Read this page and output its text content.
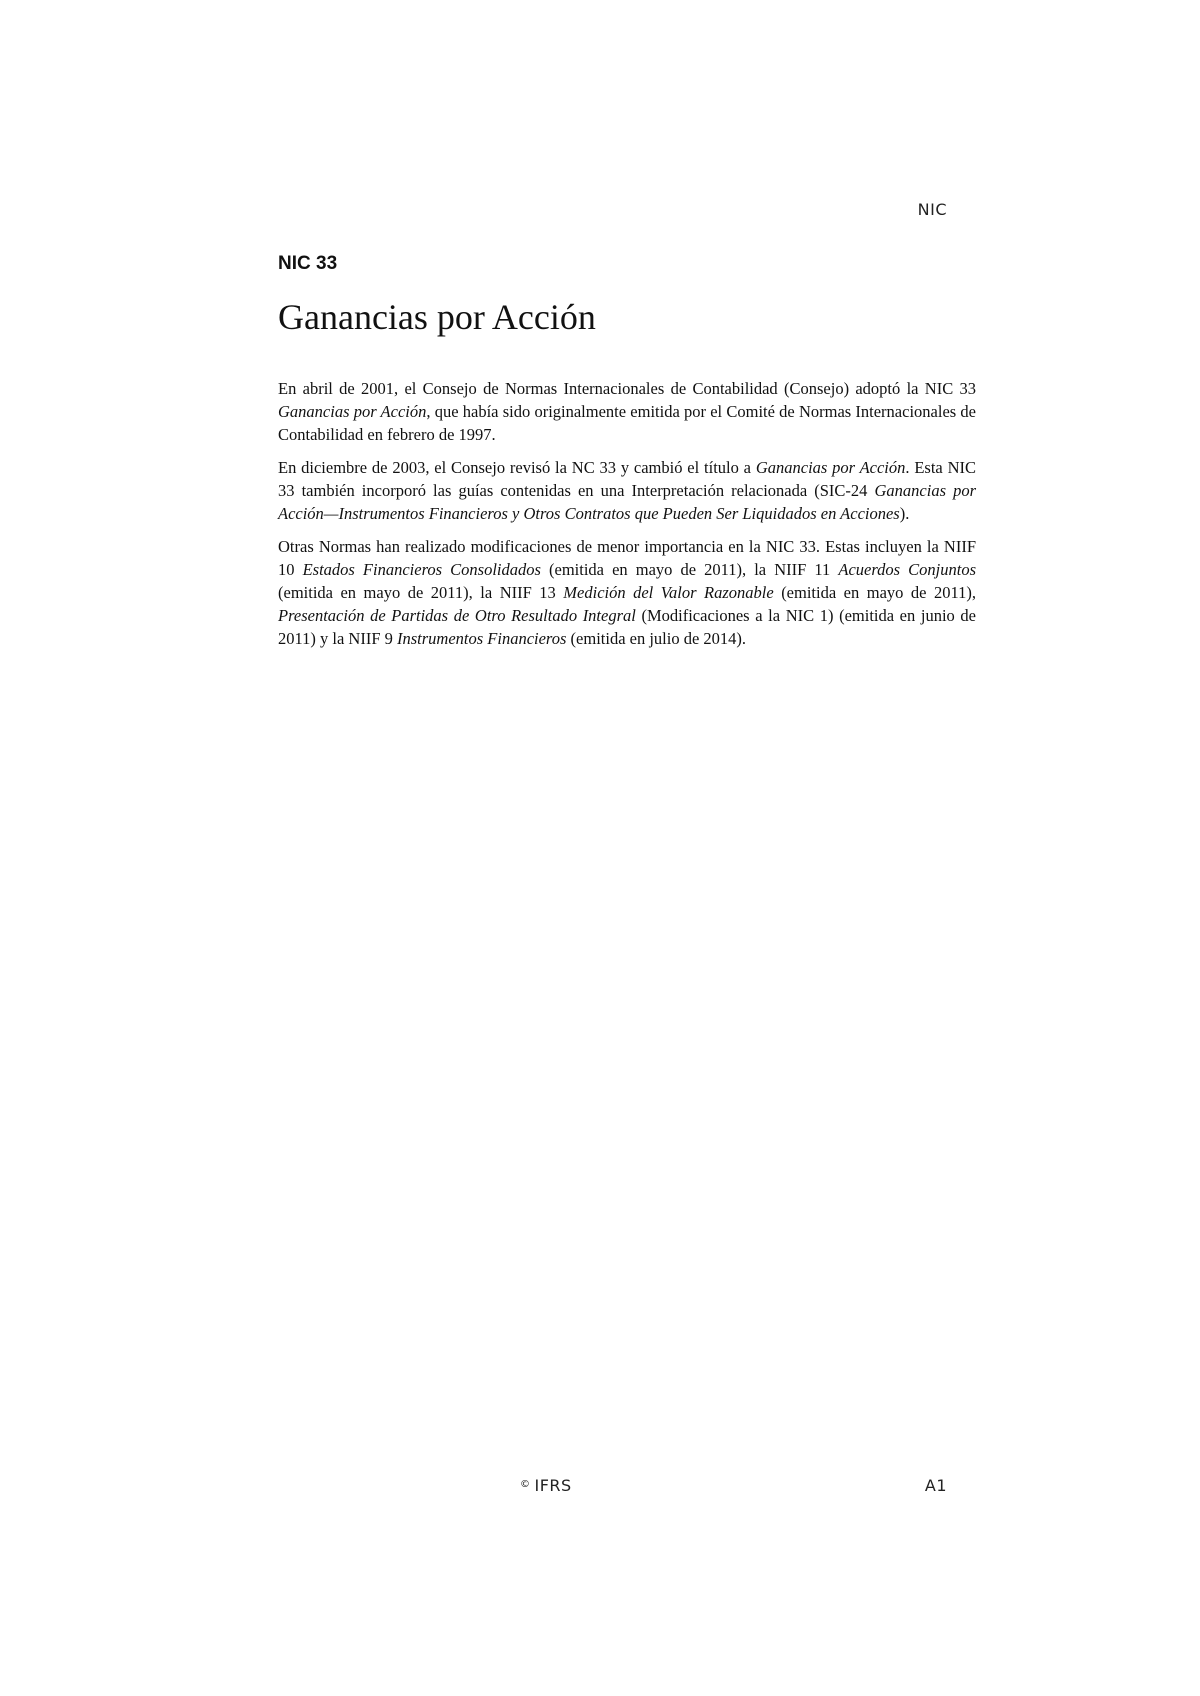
NIC
NIC 33
Ganancias por Acción

En abril de 2001, el Consejo de Normas Internacionales de Contabilidad (Consejo) adoptó la NIC 33 Ganancias por Acción, que había sido originalmente emitida por el Comité de Normas Internacionales de Contabilidad en febrero de 1997.

En diciembre de 2003, el Consejo revisó la NC 33 y cambió el título a Ganancias por Acción. Esta NIC 33 también incorporó las guías contenidas en una Interpretación relacionada (SIC-24 Ganancias por Acción—Instrumentos Financieros y Otros Contratos que Pueden Ser Liquidados en Acciones).

Otras Normas han realizado modificaciones de menor importancia en la NIC 33. Estas incluyen la NIIF 10 Estados Financieros Consolidados (emitida en mayo de 2011), la NIIF 11 Acuerdos Conjuntos (emitida en mayo de 2011), la NIIF 13 Medición del Valor Razonable (emitida en mayo de 2011), Presentación de Partidas de Otro Resultado Integral (Modificaciones a la NIC 1) (emitida en junio de 2011) y la NIIF 9 Instrumentos Financieros (emitida en julio de 2014).

© IFRS	A1
